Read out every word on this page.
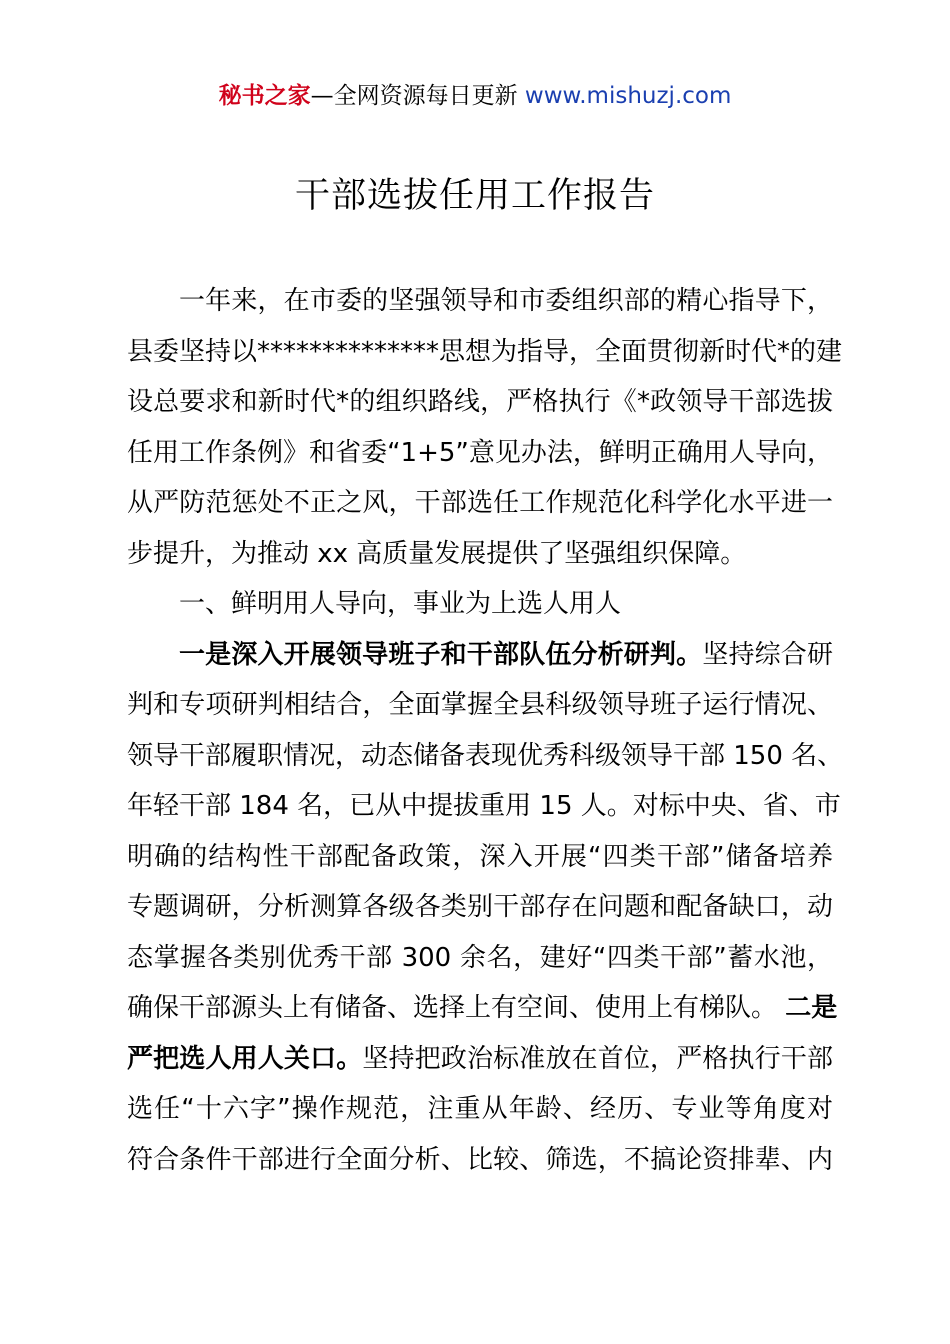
秘书之家—全网资源每日更新 www.mishuzj.com
干部选拔任用工作报告
一年来，在市委的坚强领导和市委组织部的精心指导下，
县委坚持以**************思想为指导，全面贯彻新时代*的建
设总要求和新时代*的组织路线，严格执行《*政领导干部选拔
任用工作条例》和省委“1+5”意见办法，鲜明正确用人导向，
从严防范惩处不正之风，干部选任工作规范化科学化水平进一
步提升，为推动 xx 高质量发展提供了坚强组织保障。
一、鲜明用人导向，事业为上选人用人
一是深入开展领导班子和干部队伍分析研判。坚持综合研
判和专项研判相结合，全面掌握全县科级领导班子运行情况、
领导干部履职情况，动态储备表现优秀科级领导干部 150 名、
年轻干部 184 名，已从中提拔重用 15 人。对标中央、省、市
明确的结构性干部配备政策，深入开展“四类干部”储备培养
专题调研，分析测算各级各类别干部存在问题和配备缺口，动
态掌握各类别优秀干部 300 余名，建好“四类干部”蓄水池，
确保干部源头上有储备、选择上有空间、使用上有梯队。 二是
严把选人用人关口。坚持把政治标准放在首位，严格执行干部
选任“十六字”操作规范，注重从年龄、经历、专业等角度对
符合条件干部进行全面分析、比较、筛选，不搞论资排辈、内
